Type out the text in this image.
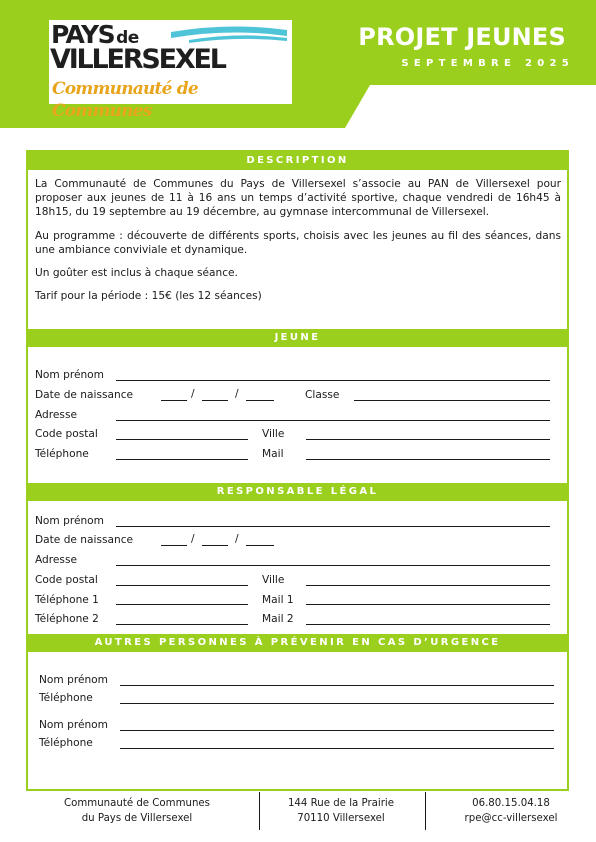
PAYS de
VILLERSEXEL
Communauté de Communes
PROJET JEUNES
SEPTEMBRE 2025
DESCRIPTION

La Communauté de Communes du Pays de Villersexel s’associe au PAN de Villersexel pour proposer aux jeunes de 11 à 16 ans un temps d’activité sportive, chaque vendredi de 16h45 à 18h15, du 19 septembre au 19 décembre, au gymnase intercommunal de Villersexel.

Au programme : découverte de différents sports, choisis avec les jeunes au fil des séances, dans une ambiance conviviale et dynamique.

Un goûter est inclus à chaque séance.

Tarif pour la période : 15€ (les 12 séances)

JEUNE
Nom prénom
Date de naissance	/	/	Classe
Adresse
Code postal	Ville
Téléphone	Mail
RESPONSABLE LÉGAL
Nom prénom
Date de naissance	/	/
Adresse
Code postal	Ville
Téléphone 1	Mail 1
Téléphone 2	Mail 2
AUTRES PERSONNES À PRÉVENIR EN CAS D’URGENCE
Nom prénom
Téléphone
Nom prénom
Téléphone
Communauté de Communes
du Pays de Villersexel
144 Rue de la Prairie
70110 Villersexel
06.80.15.04.18
rpe@cc-villersexel
